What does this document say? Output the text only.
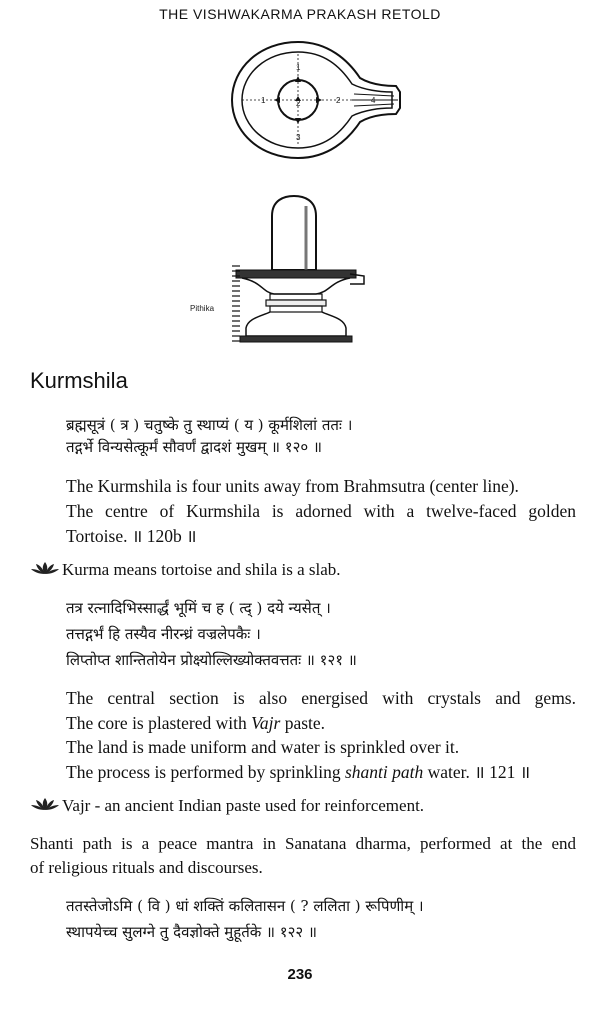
THE VISHWAKARMA PRAKASH RETOLD
1
1	2	2
3
4
Pithika
Kurmshila
ब्रह्मसूत्रं ( त्र ) चतुष्के तु स्थाप्यं ( य ) कूर्मशिलां ततः ।
तद्गर्भे विन्यसेत्कूर्मं सौवर्णं द्वादशं मुखम् ॥ १२० ॥
The Kurmshila is four units away from Brahmsutra (center line).
The centre of Kurmshila is adorned with a twelve-faced golden
Tortoise. ॥ 120b ॥
Kurma means tortoise and shila is a slab.
तत्र रत्नादिभिस्सार्द्धं भूमिं च ह ( त्द् ) दये न्यसेत् ।
तत्तद्गर्भं हि तस्यैव नीरन्ध्रं वज्रलेपकैः ।
लिप्तोप्त शान्तितोयेन प्रोक्ष्योल्लिख्योक्तवत्ततः ॥ १२१ ॥
The central section is also energised with crystals and gems.
The core is plastered with Vajr paste.
The land is made uniform and water is sprinkled over it.
The process is performed by sprinkling shanti path water. ॥ 121 ॥
Vajr - an ancient Indian paste used for reinforcement.
Shanti path is a peace mantra in Sanatana dharma, performed at the end
of religious rituals and discourses.
ततस्तेजोऽमि ( वि ) धां शक्तिं कलितासन ( ? ललिता ) रूपिणीम् ।
स्थापयेच्च सुलग्ने तु दैवज्ञोक्ते मुहूर्तके ॥ १२२ ॥
236
